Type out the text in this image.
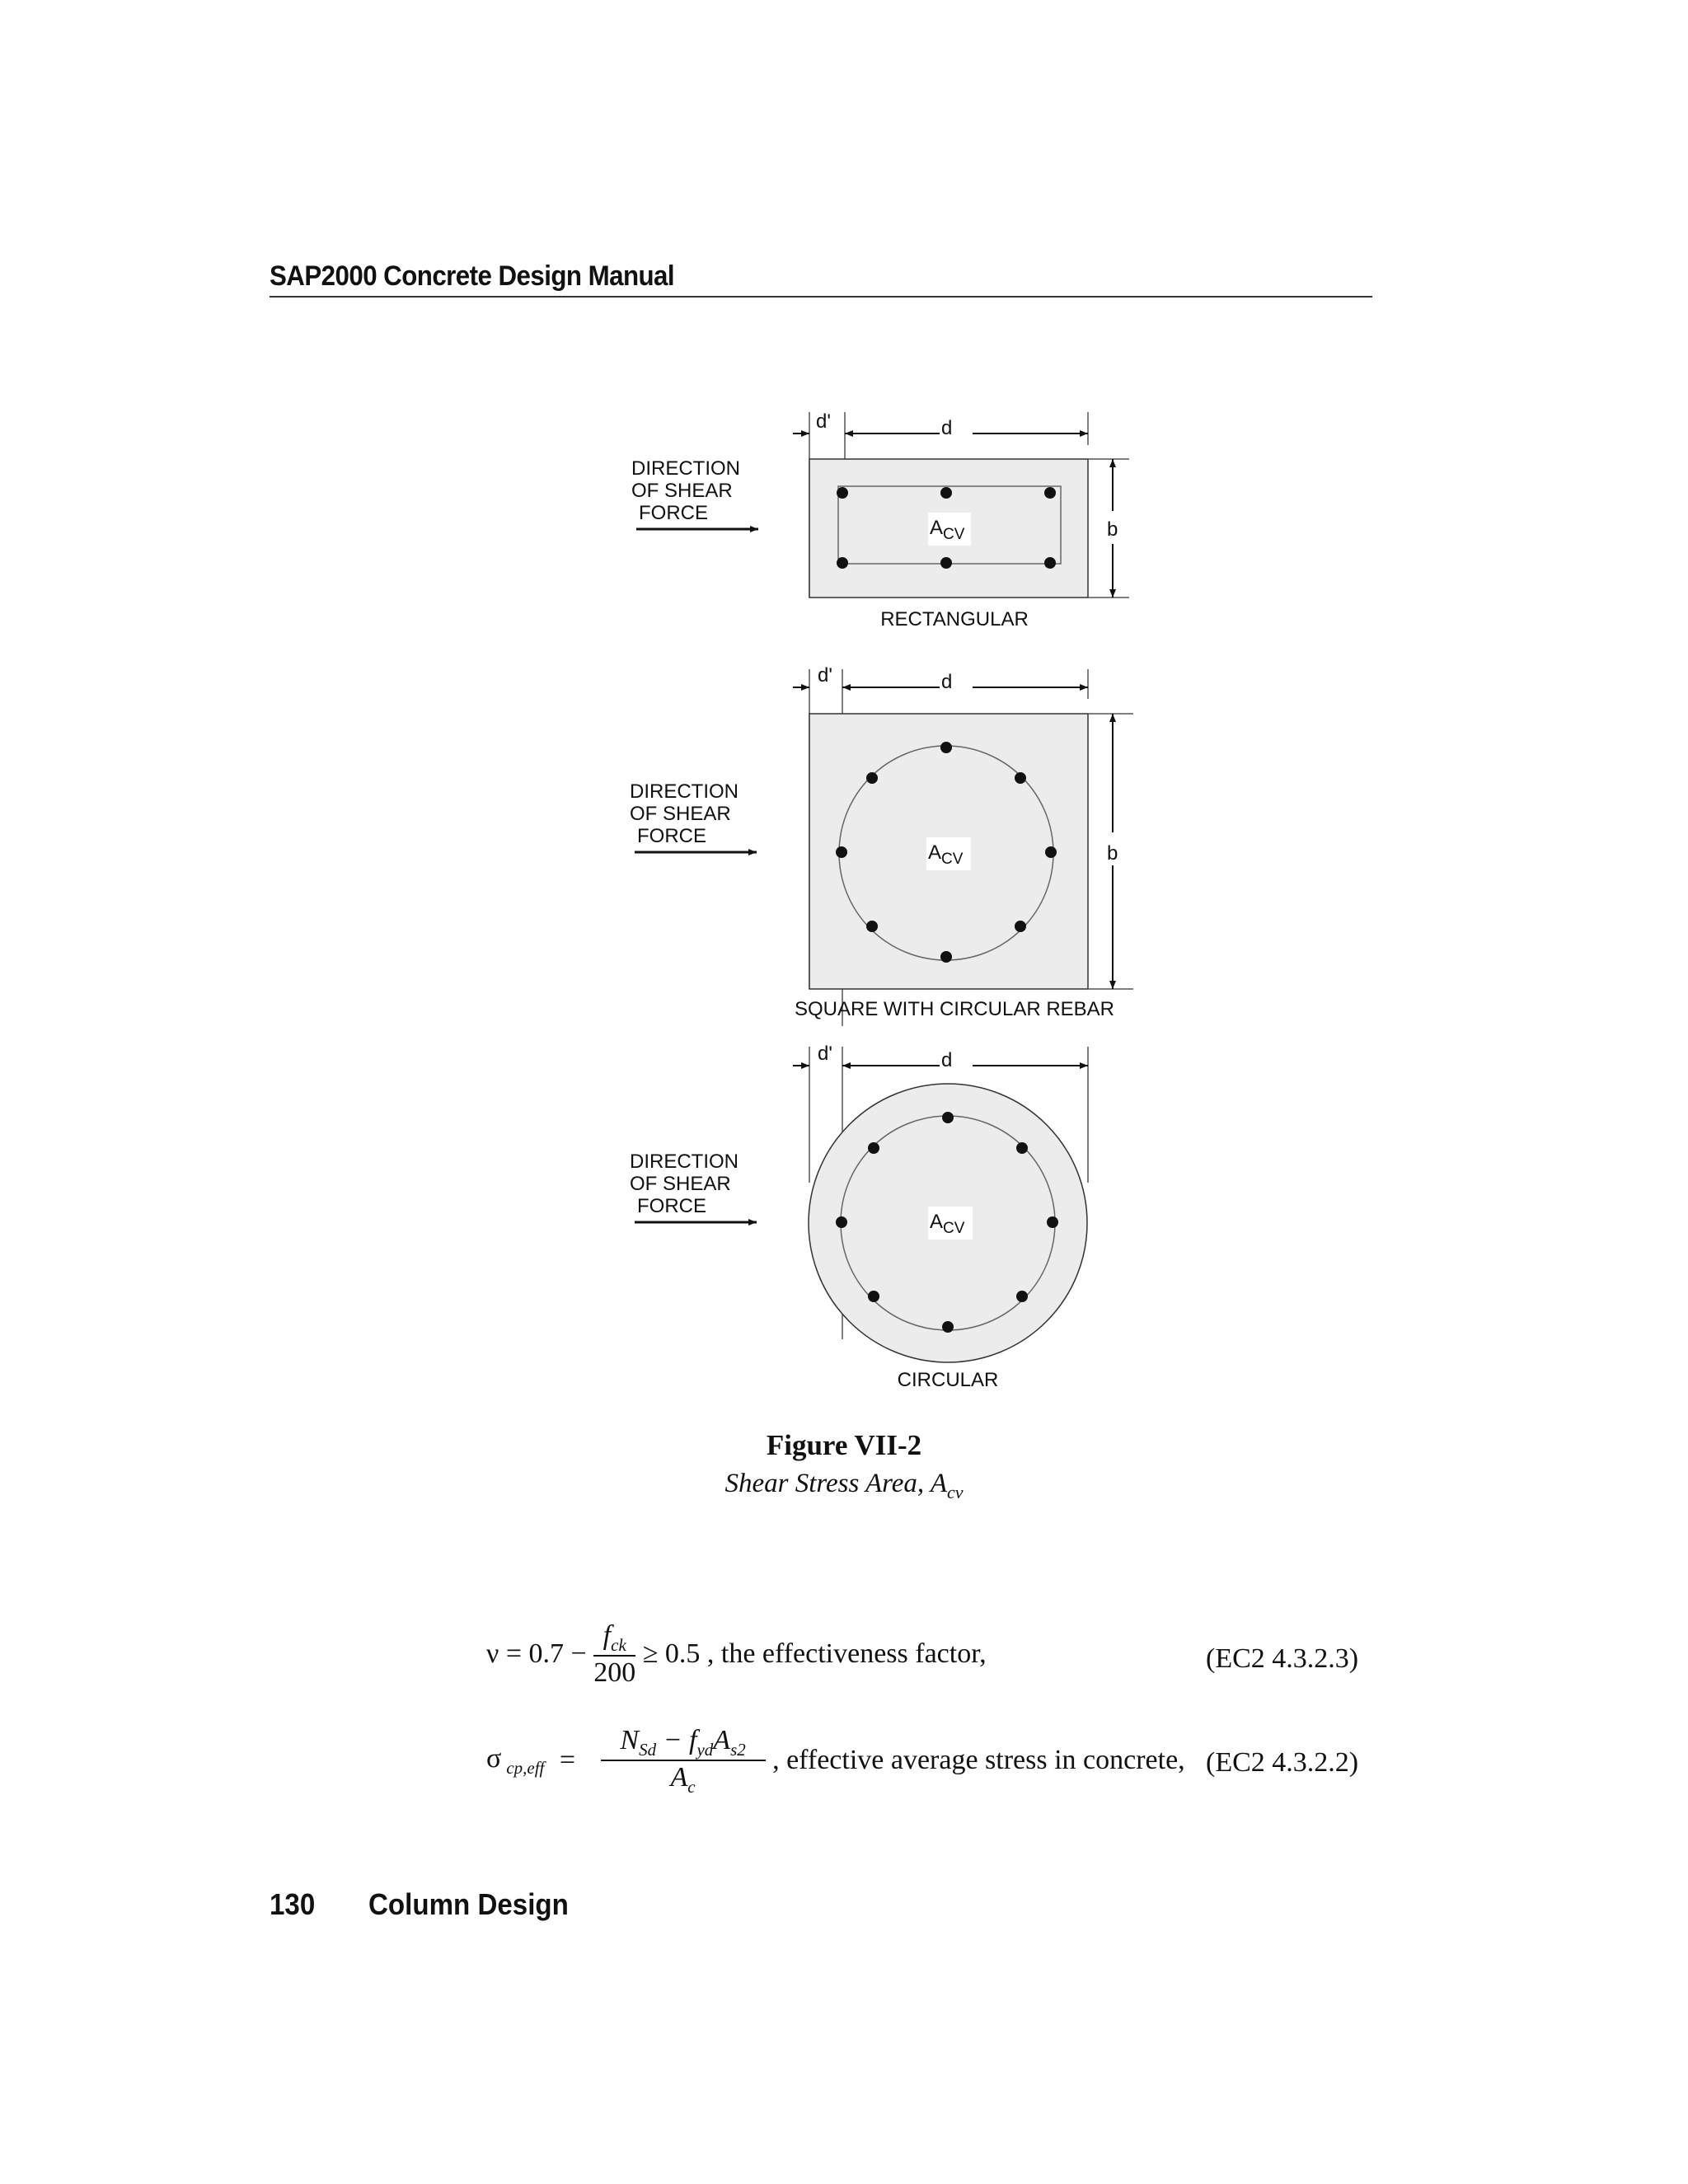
SAP2000 Concrete Design Manual
d'	d
$A_{CV}$	b
DIRECTION
OF SHEAR
FORCE
RECTANGULAR
d'	d
$A_{CV}$	b
DIRECTION
OF SHEAR
FORCE
SQUARE WITH CIRCULAR REBAR
d'	d
$A_{CV}$
DIRECTION
OF SHEAR
FORCE
CIRCULAR
Figure VII-2
Shear Stress Area, $A_{cv}$
$\nu = 0.7 - \frac{f_{ck}}{200} \ge 0.5$ , the effectiveness factor,	(EC2 4.3.2.3)
σ $_{cp,eff} = \frac{N_{Sd} - f_{yd}A_{s2}}{A_c}$ , effective average stress in concrete, (EC2 4.3.2.2)
130 Column Design
